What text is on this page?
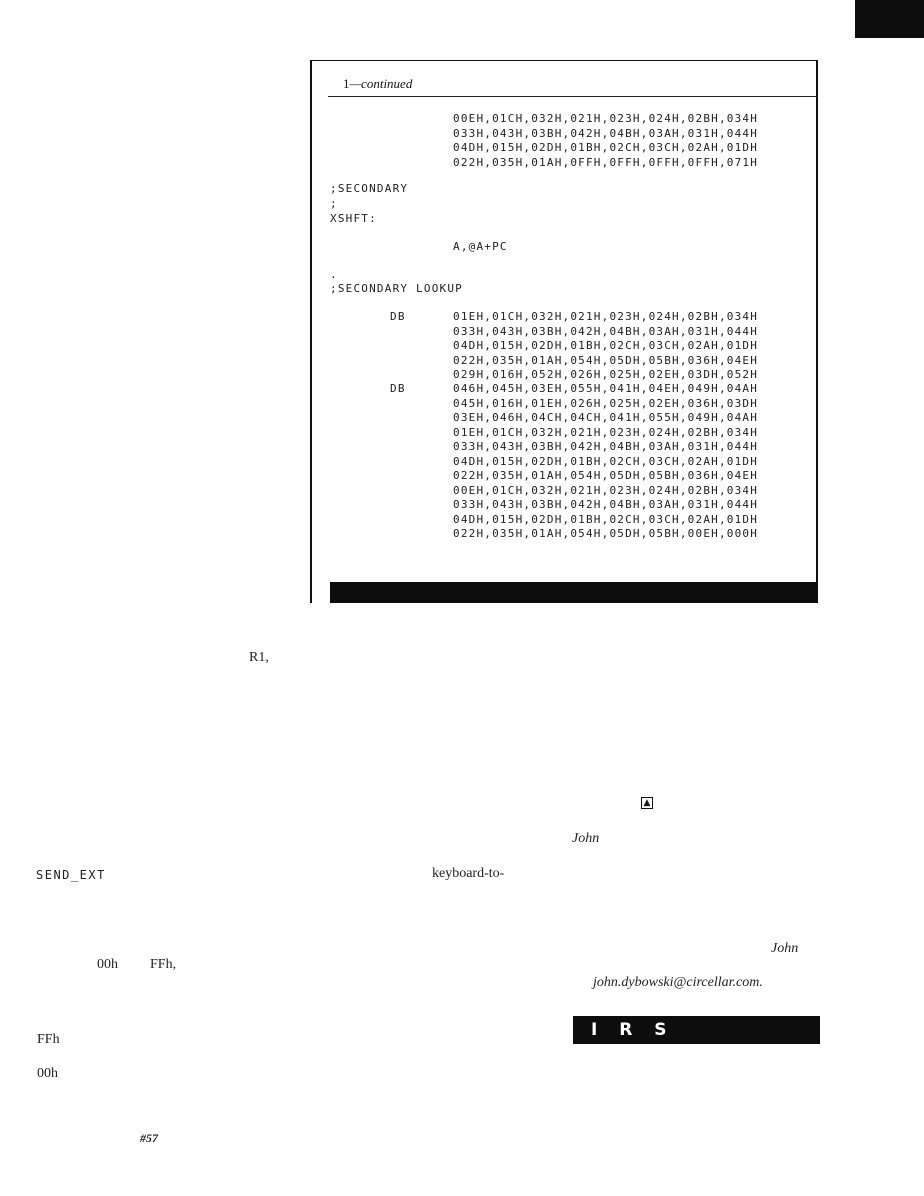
1—continued
00EH,01CH,032H,021H,023H,024H,02BH,034H
033H,043H,03BH,042H,04BH,03AH,031H,044H
04DH,015H,02DH,01BH,02CH,03CH,02AH,01DH
022H,035H,01AH,0FFH,0FFH,0FFH,0FFH,071H
;SECONDARY
;
XSHFT:
A,@A+PC
.
;SECONDARY LOOKUP
DB	01EH,01CH,032H,021H,023H,024H,02BH,034H
033H,043H,03BH,042H,04BH,03AH,031H,044H
04DH,015H,02DH,01BH,02CH,03CH,02AH,01DH
022H,035H,01AH,054H,05DH,05BH,036H,04EH
029H,016H,052H,026H,025H,02EH,03DH,052H
DB	046H,045H,03EH,055H,041H,04EH,049H,04AH
045H,016H,01EH,026H,025H,02EH,036H,03DH
03EH,046H,04CH,04CH,041H,055H,049H,04AH
01EH,01CH,032H,021H,023H,024H,02BH,034H
033H,043H,03BH,042H,04BH,03AH,031H,044H
04DH,015H,02DH,01BH,02CH,03CH,02AH,01DH
022H,035H,01AH,054H,05DH,05BH,036H,04EH
00EH,01CH,032H,021H,023H,024H,02BH,034H
033H,043H,03BH,042H,04BH,03AH,031H,044H
04DH,015H,02DH,01BH,02CH,03CH,02AH,01DH
022H,035H,01AH,054H,05DH,05BH,00EH,000H
R1,
SEND_EXT
00h FFh,
FFh
00h
#57
keyboard-to-
▲
John
John
john.dybowski@circellar.com.
I R S
